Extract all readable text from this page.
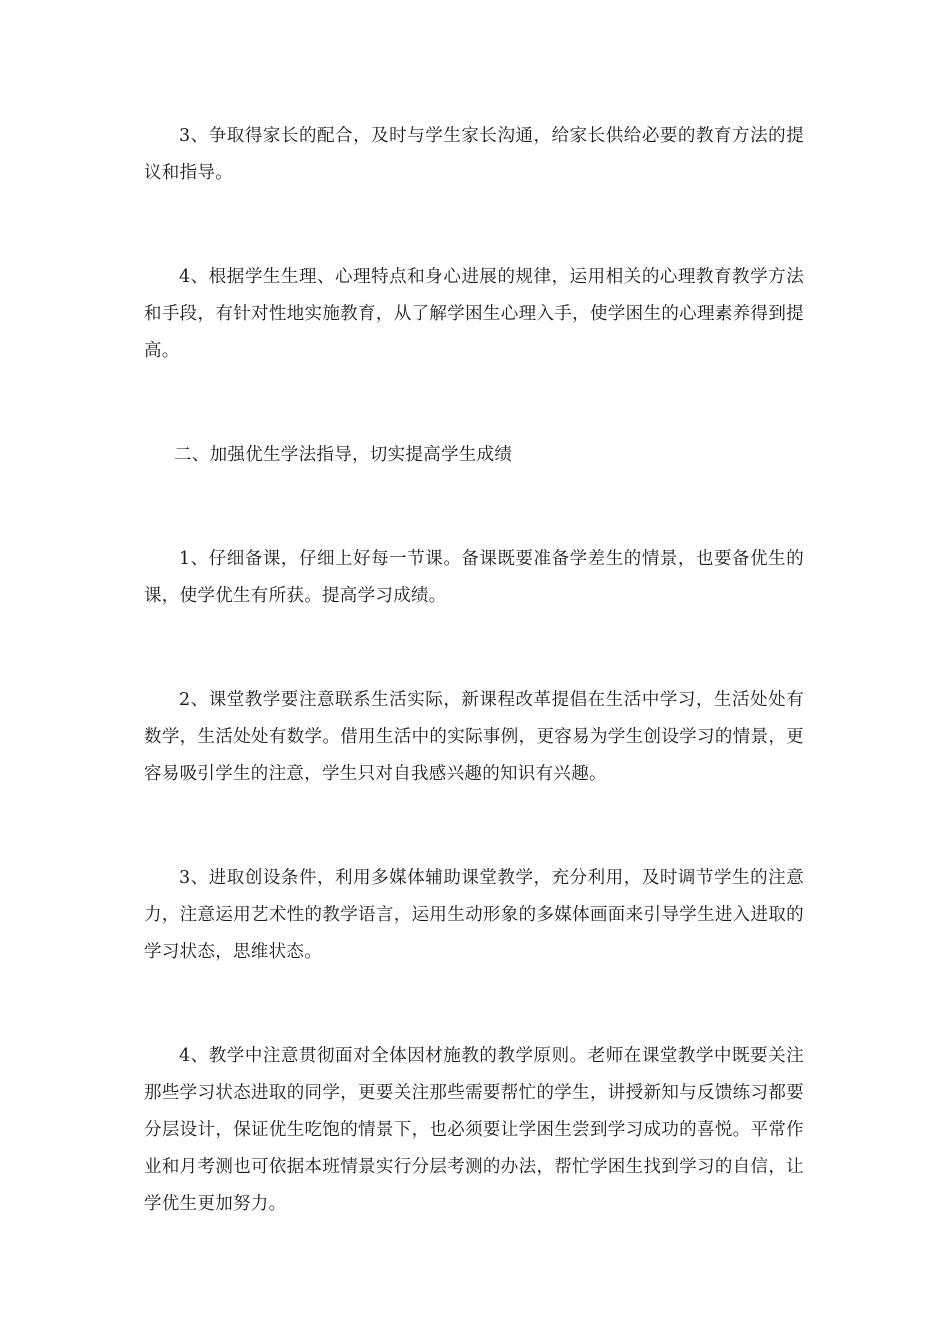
3、争取得家长的配合，及时与学生家长沟通，给家长供给必要的教育方法的提议和指导。

4、根据学生生理、心理特点和身心进展的规律，运用相关的心理教育教学方法和手段，有针对性地实施教育，从了解学困生心理入手，使学困生的心理素养得到提高。

二、加强优生学法指导，切实提高学生成绩

1、仔细备课，仔细上好每一节课。备课既要准备学差生的情景，也要备优生的课，使学优生有所获。提高学习成绩。

2、课堂教学要注意联系生活实际，新课程改革提倡在生活中学习，生活处处有数学，生活处处有数学。借用生活中的实际事例，更容易为学生创设学习的情景，更容易吸引学生的注意，学生只对自我感兴趣的知识有兴趣。

3、进取创设条件，利用多媒体辅助课堂教学，充分利用，及时调节学生的注意力，注意运用艺术性的教学语言，运用生动形象的多媒体画面来引导学生进入进取的学习状态，思维状态。

4、教学中注意贯彻面对全体因材施教的教学原则。老师在课堂教学中既要关注那些学习状态进取的同学，更要关注那些需要帮忙的学生，讲授新知与反馈练习都要分层设计，保证优生吃饱的情景下，也必须要让学困生尝到学习成功的喜悦。平常作业和月考测也可依据本班情景实行分层考测的办法，帮忙学困生找到学习的自信，让学优生更加努力。
